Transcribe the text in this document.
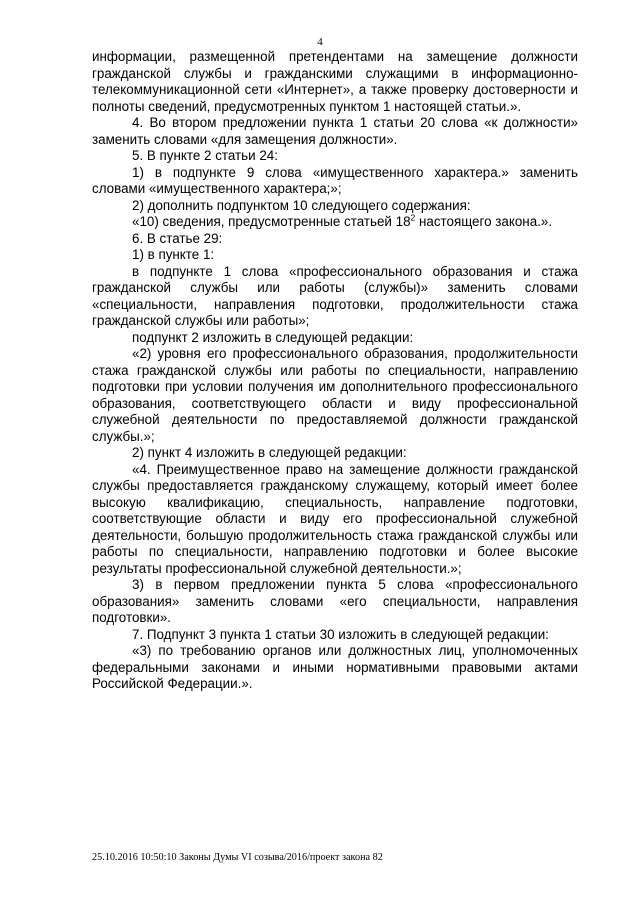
4

информации, размещенной претендентами на замещение должности гражданской службы и гражданскими служащими в информационно-телекоммуникационной сети «Интернет», а также проверку достоверности и полноты сведений, предусмотренных пунктом 1 настоящей статьи.».

4. Во втором предложении пункта 1 статьи 20 слова «к должности» заменить словами «для замещения должности».

5. В пункте 2 статьи 24:

1) в подпункте 9 слова «имущественного характера.» заменить словами «имущественного характера;»;

2) дополнить подпунктом 10 следующего содержания:

«10) сведения, предусмотренные статьей $18^2$ настоящего закона.».

6. В статье 29:

1) в пункте 1:

в подпункте 1 слова «профессионального образования и стажа гражданской службы или работы (службы)» заменить словами «специальности, направления подготовки, продолжительности стажа гражданской службы или работы»;

подпункт 2 изложить в следующей редакции:

«2) уровня его профессионального образования, продолжительности стажа гражданской службы или работы по специальности, направлению подготовки при условии получения им дополнительного профессионального образования, соответствующего области и виду профессиональной служебной деятельности по предоставляемой должности гражданской службы.»;

2) пункт 4 изложить в следующей редакции:

«4. Преимущественное право на замещение должности гражданской службы предоставляется гражданскому служащему, который имеет более высокую квалификацию, специальность, направление подготовки, соответствующие области и виду его профессиональной служебной деятельности, большую продолжительность стажа гражданской службы или работы по специальности, направлению подготовки и более высокие результаты профессиональной служебной деятельности.»;

3) в первом предложении пункта 5 слова «профессионального образования» заменить словами «его специальности, направления подготовки».

7. Подпункт 3 пункта 1 статьи 30 изложить в следующей редакции:

«3) по требованию органов или должностных лиц, уполномоченных федеральными законами и иными нормативными правовыми актами Российской Федерации.».

25.10.2016 10:50:10 Законы Думы VI созыва/2016/проект закона 82
